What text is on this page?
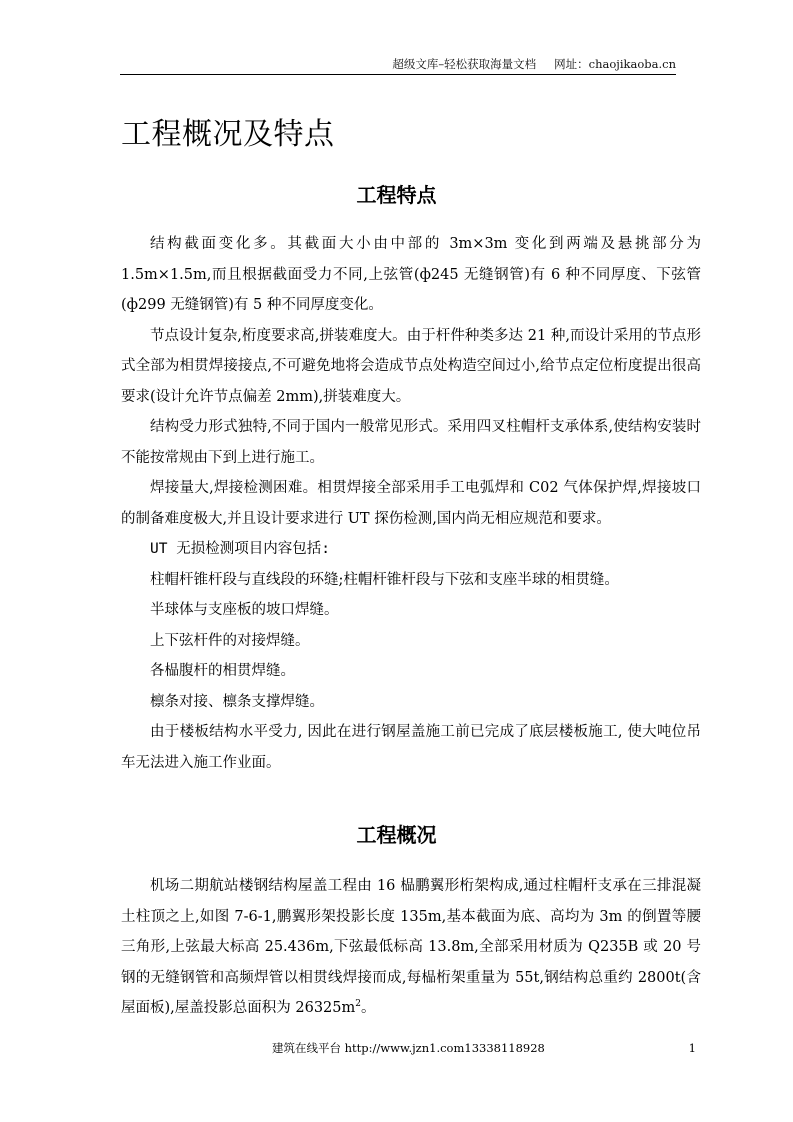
超级文库–轻松获取海量文档 网址：chaojikaoba.cn
工程概况及特点
工程特点

结构截面变化多。其截面大小由中部的 3m×3m 变化到两端及悬挑部分为 1.5m×1.5m,而且根据截面受力不同,上弦管(ф245 无缝钢管)有 6 种不同厚度、下弦管(ф299 无缝钢管)有 5 种不同厚度变化。

节点设计复杂,桁度要求高,拼装难度大。由于杆件种类多达 21 种,而设计采用的节点形式全部为相贯焊接接点,不可避免地将会造成节点处构造空间过小,给节点定位桁度提出很高要求(设计允许节点偏差 2mm),拼装难度大。

结构受力形式独特,不同于国内一般常见形式。采用四叉柱帽杆支承体系,使结构安装时不能按常规由下到上进行施工。

焊接量大,焊接检测困难。相贯焊接全部采用手工电弧焊和 C02 气体保护焊,焊接坡口的制备难度极大,并且设计要求进行 UT 探伤检测,国内尚无相应规范和要求。

UT 无损检测项目内容包括:

柱帽杆锥杆段与直线段的环缝;柱帽杆锥杆段与下弦和支座半球的相贯缝。

半球体与支座板的坡口焊缝。

上下弦杆件的对接焊缝。

各榀腹杆的相贯焊缝。

檩条对接、檩条支撑焊缝。

由于楼板结构水平受力, 因此在进行钢屋盖施工前已完成了底层楼板施工, 使大吨位吊车无法进入施工作业面。

工程概况

机场二期航站楼钢结构屋盖工程由 16 榀鹏翼形桁架构成,通过柱帽杆支承在三排混凝土柱顶之上,如图 7-6-1,鹏翼形架投影长度 135m,基本截面为底、高均为 3m 的倒置等腰三角形,上弦最大标高 25.436m,下弦最低标高 13.8m,全部采用材质为 Q235B 或 20 号钢的无缝钢管和高频焊管以相贯线焊接而成,每榀桁架重量为 55t,钢结构总重约 2800t(含屋面板),屋盖投影总面积为 $26325m^2$。

建筑在线平台 http://www.jzn1.com13338118928	1
